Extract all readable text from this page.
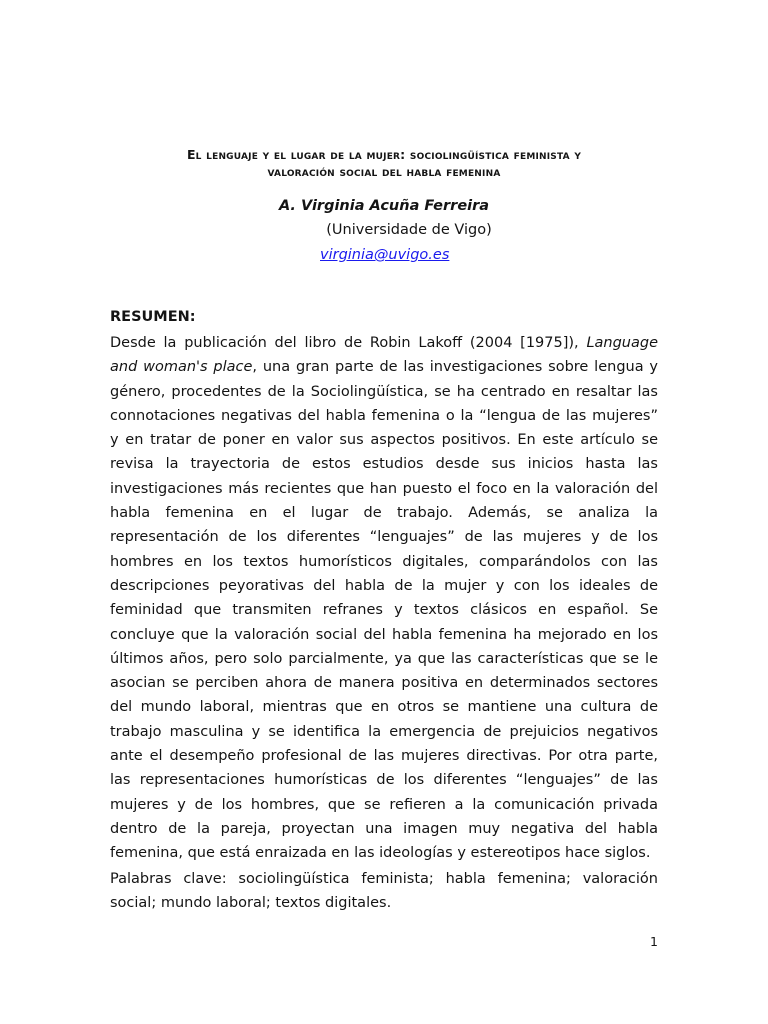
El lenguaje y el lugar de la mujer: sociolingüística feminista y
valoración social del habla femenina
A. Virginia Acuña Ferreira
(Universidade de Vigo)
virginia@uvigo.es
RESUMEN:
Desde la publicación del libro de Robin Lakoff (2004 [1975]), Language and woman's place, una gran parte de las investigaciones sobre lengua y género, procedentes de la Sociolingüística, se ha centrado en resaltar las connotaciones negativas del habla femenina o la “lengua de las mujeres” y en tratar de poner en valor sus aspectos positivos. En este artículo se revisa la trayectoria de estos estudios desde sus inicios hasta las investigaciones más recientes que han puesto el foco en la valoración del habla femenina en el lugar de trabajo. Además, se analiza la representación de los diferentes “lenguajes” de las mujeres y de los hombres en los textos humorísticos digitales, comparándolos con las descripciones peyorativas del habla de la mujer y con los ideales de feminidad que transmiten refranes y textos clásicos en español. Se concluye que la valoración social del habla femenina ha mejorado en los últimos años, pero solo parcialmente, ya que las características que se le asocian se perciben ahora de manera positiva en determinados sectores del mundo laboral, mientras que en otros se mantiene una cultura de trabajo masculina y se identifica la emergencia de prejuicios negativos ante el desempeño profesional de las mujeres directivas. Por otra parte, las representaciones humorísticas de los diferentes “lenguajes” de las mujeres y de los hombres, que se refieren a la comunicación privada dentro de la pareja, proyectan una imagen muy negativa del habla femenina, que está enraizada en las ideologías y estereotipos hace siglos.
Palabras clave: sociolingüística feminista; habla femenina; valoración social; mundo laboral; textos digitales.
1
